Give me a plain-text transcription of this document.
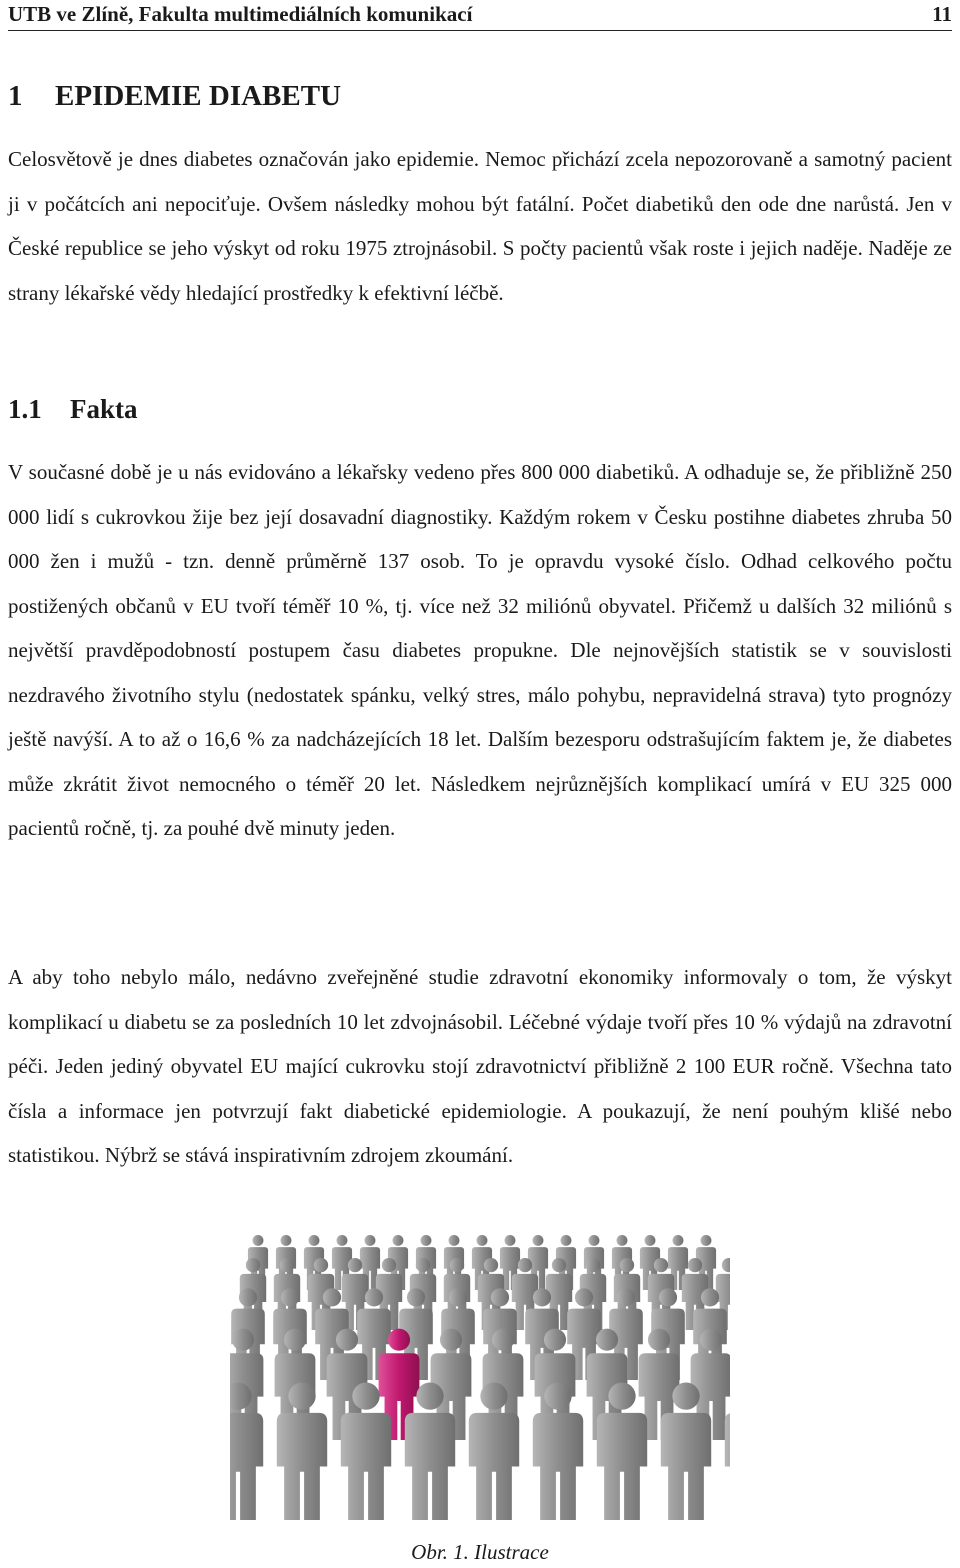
UTB ve Zlíně, Fakulta multimediálních komunikací	11
1 EPIDEMIE DIABETU

Celosvětově je dnes diabetes označován jako epidemie. Nemoc přichází zcela nepozorovaně a samotný pacient ji v počátcích ani nepociťuje. Ovšem následky mohou být fatální. Počet diabetiků den ode dne narůstá. Jen v České republice se jeho výskyt od roku 1975 ztrojnásobil. S počty pacientů však roste i jejich naděje. Naděje ze strany lékařské vědy hledající prostředky k efektivní léčbě.

1.1 Fakta

V současné době je u nás evidováno a lékařsky vedeno přes 800 000 diabetiků. A odhaduje se, že přibližně 250 000 lidí s cukrovkou žije bez její dosavadní diagnostiky. Každým rokem v Česku postihne diabetes zhruba 50 000 žen i mužů - tzn. denně průměrně 137 osob. To je opravdu vysoké číslo. Odhad celkového počtu postižených občanů v EU tvoří téměř 10 %, tj. více než 32 miliónů obyvatel. Přičemž u dalších 32 miliónů s největší pravděpodobností postupem času diabetes propukne. Dle nejnovějších statistik se v souvislosti nezdravého životního stylu (nedostatek spánku, velký stres, málo pohybu, nepravidelná strava) tyto prognózy ještě navýší. A to až o 16,6 % za nadcházejících 18 let. Dalším bezesporu odstrašujícím faktem je, že diabetes může zkrátit život nemocného o téměř 20 let. Následkem nejrůznějších komplikací umírá v EU 325 000 pacientů ročně, tj. za pouhé dvě minuty jeden.

A aby toho nebylo málo, nedávno zveřejněné studie zdravotní ekonomiky informovaly o tom, že výskyt komplikací u diabetu se za posledních 10 let zdvojnásobil. Léčebné výdaje tvoří přes 10 % výdajů na zdravotní péči. Jeden jediný obyvatel EU mající cukrovku stojí zdravotnictví přibližně 2 100 EUR ročně. Všechna tato čísla a informace jen potvrzují fakt diabetické epidemiologie. A poukazují, že není pouhým klišé nebo statistikou. Nýbrž se stává inspirativním zdrojem zkoumání.

Obr. 1. Ilustrace
